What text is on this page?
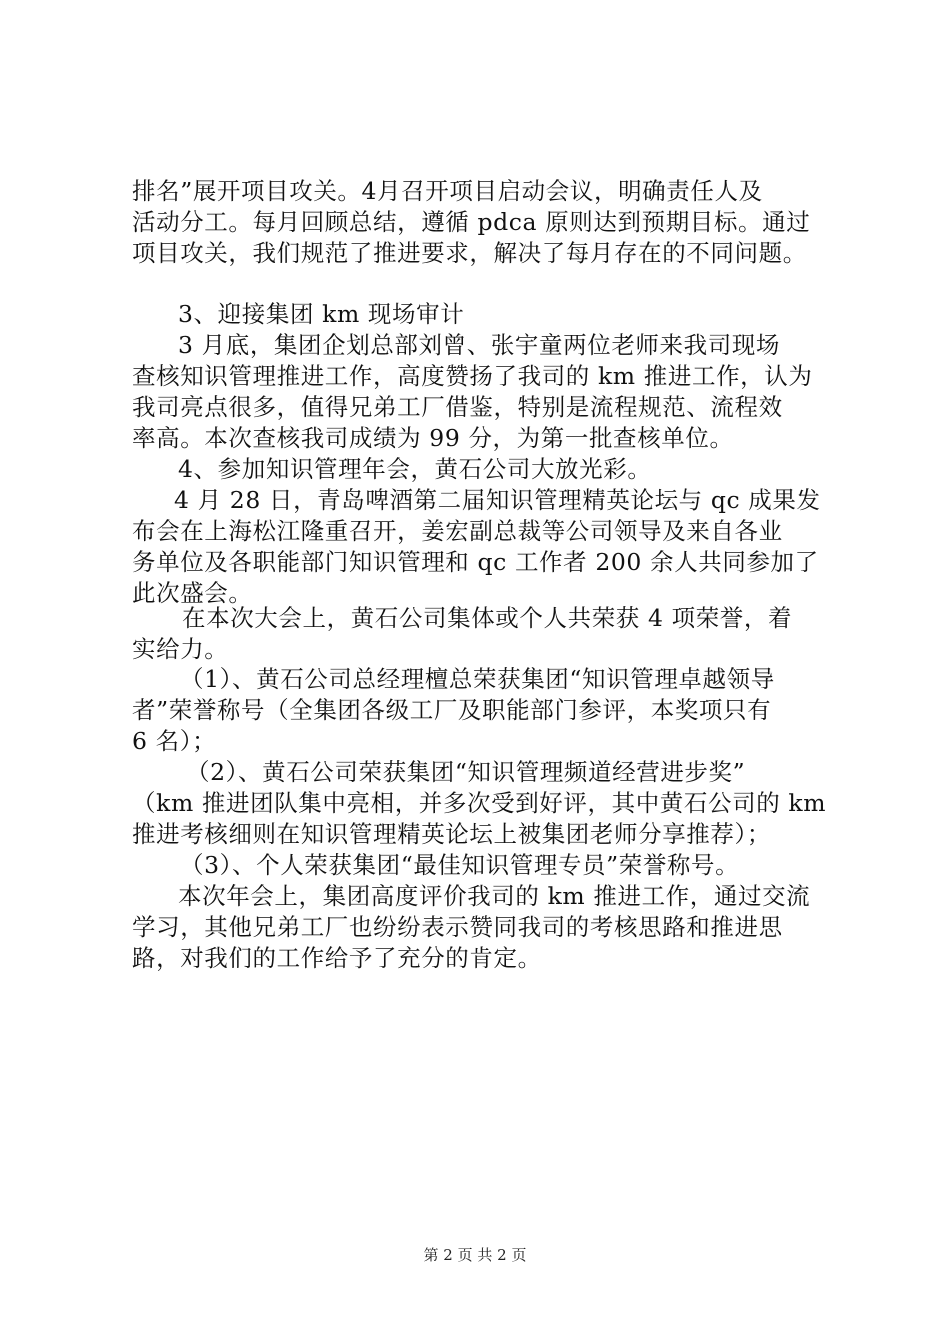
排名”展开项目攻关。4月召开项目启动会议，明确责任人及
活动分工。每月回顾总结，遵循 pdca 原则达到预期目标。通过
项目攻关，我们规范了推进要求，解决了每月存在的不同问题。
3、迎接集团 km 现场审计
3 月底，集团企划总部刘曾、张宇童两位老师来我司现场
查核知识管理推进工作，高度赞扬了我司的 km 推进工作，认为
我司亮点很多，值得兄弟工厂借鉴，特别是流程规范、流程效
率高。本次查核我司成绩为 99 分，为第一批查核单位。
4、参加知识管理年会，黄石公司大放光彩。
4 月 28 日，青岛啤酒第二届知识管理精英论坛与 qc 成果发
布会在上海松江隆重召开，姜宏副总裁等公司领导及来自各业
务单位及各职能部门知识管理和 qc 工作者 200 余人共同参加了
此次盛会。
在本次大会上，黄石公司集体或个人共荣获 4 项荣誉，着
实给力。
（1）、黄石公司总经理檀总荣获集团“知识管理卓越领导
者”荣誉称号（全集团各级工厂及职能部门参评，本奖项只有
6 名）；
（2）、黄石公司荣获集团“知识管理频道经营进步奖”
（km 推进团队集中亮相，并多次受到好评，其中黄石公司的 km
推进考核细则在知识管理精英论坛上被集团老师分享推荐）；
（3）、个人荣获集团“最佳知识管理专员”荣誉称号。
本次年会上，集团高度评价我司的 km 推进工作，通过交流
学习，其他兄弟工厂也纷纷表示赞同我司的考核思路和推进思
路，对我们的工作给予了充分的肯定。
第 2 页 共 2 页
